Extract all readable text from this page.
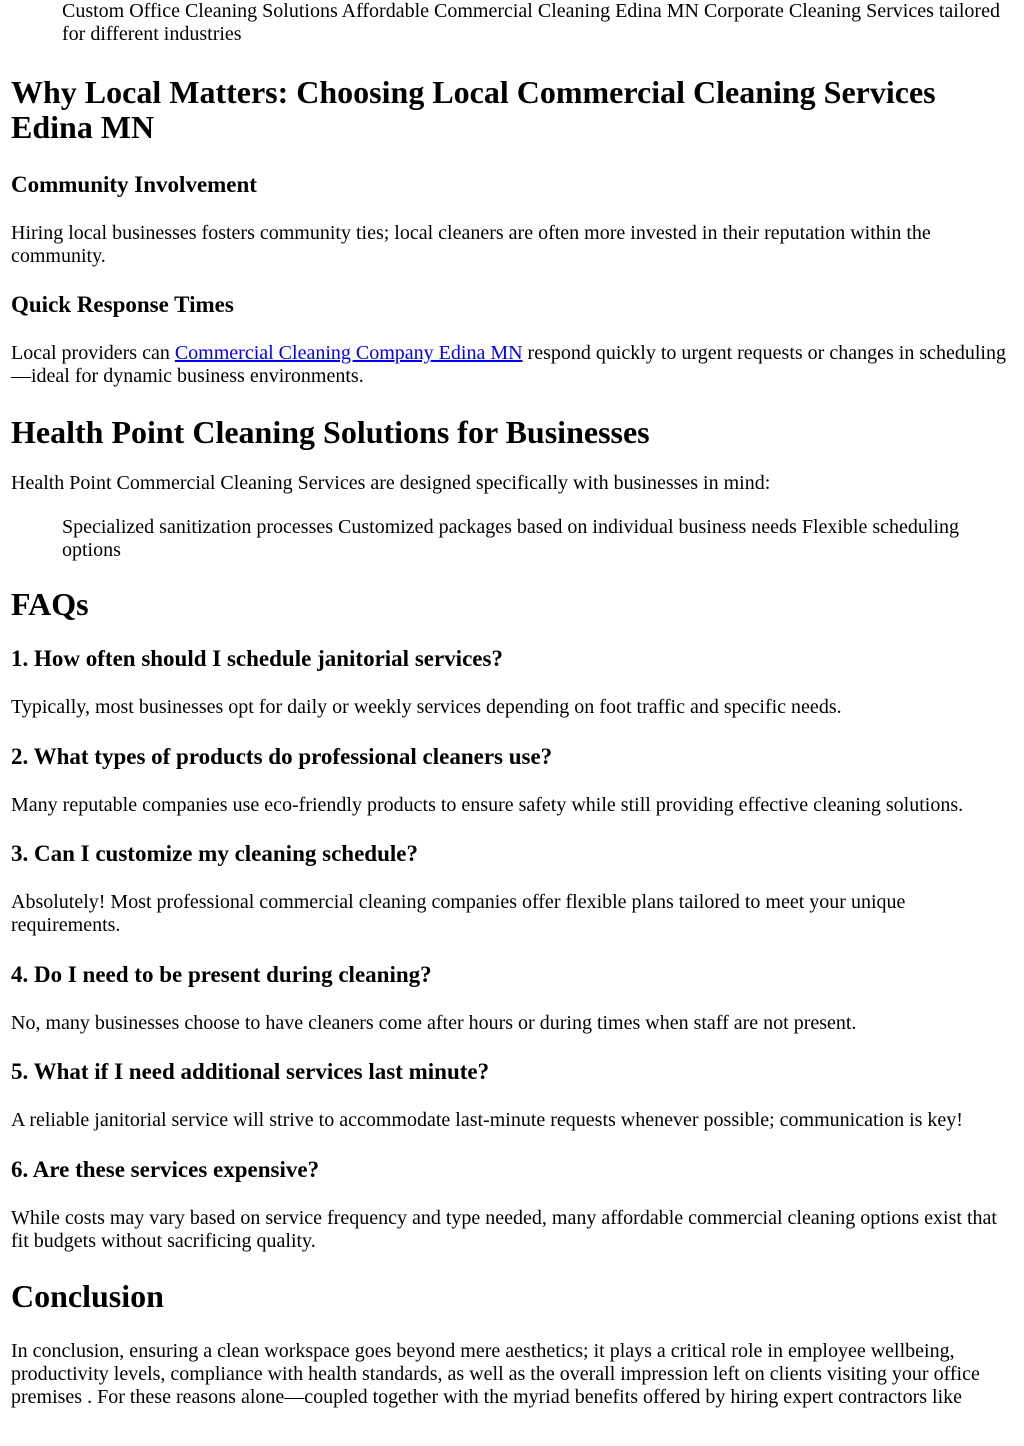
Custom Office Cleaning Solutions Affordable Commercial Cleaning Edina MN Corporate Cleaning Services tailored for different industries

Why Local Matters: Choosing Local Commercial Cleaning Services Edina MN
Community Involvement

Hiring local businesses fosters community ties; local cleaners are often more invested in their reputation within the community.

Quick Response Times

Local providers can Commercial Cleaning Company Edina MN respond quickly to urgent requests or changes in scheduling—ideal for dynamic business environments.

Health Point Cleaning Solutions for Businesses

Health Point Commercial Cleaning Services are designed specifically with businesses in mind:

Specialized sanitization processes Customized packages based on individual business needs Flexible scheduling options

FAQs
1. How often should I schedule janitorial services?

Typically, most businesses opt for daily or weekly services depending on foot traffic and specific needs.

2. What types of products do professional cleaners use?

Many reputable companies use eco-friendly products to ensure safety while still providing effective cleaning solutions.

3. Can I customize my cleaning schedule?

Absolutely! Most professional commercial cleaning companies offer flexible plans tailored to meet your unique requirements.

4. Do I need to be present during cleaning?

No, many businesses choose to have cleaners come after hours or during times when staff are not present.

5. What if I need additional services last minute?

A reliable janitorial service will strive to accommodate last-minute requests whenever possible; communication is key!

6. Are these services expensive?

While costs may vary based on service frequency and type needed, many affordable commercial cleaning options exist that fit budgets without sacrificing quality.

Conclusion

In conclusion, ensuring a clean workspace goes beyond mere aesthetics; it plays a critical role in employee wellbeing, productivity levels, compliance with health standards, as well as the overall impression left on clients visiting your office premises . For these reasons alone—coupled together with the myriad benefits offered by hiring expert contractors like
